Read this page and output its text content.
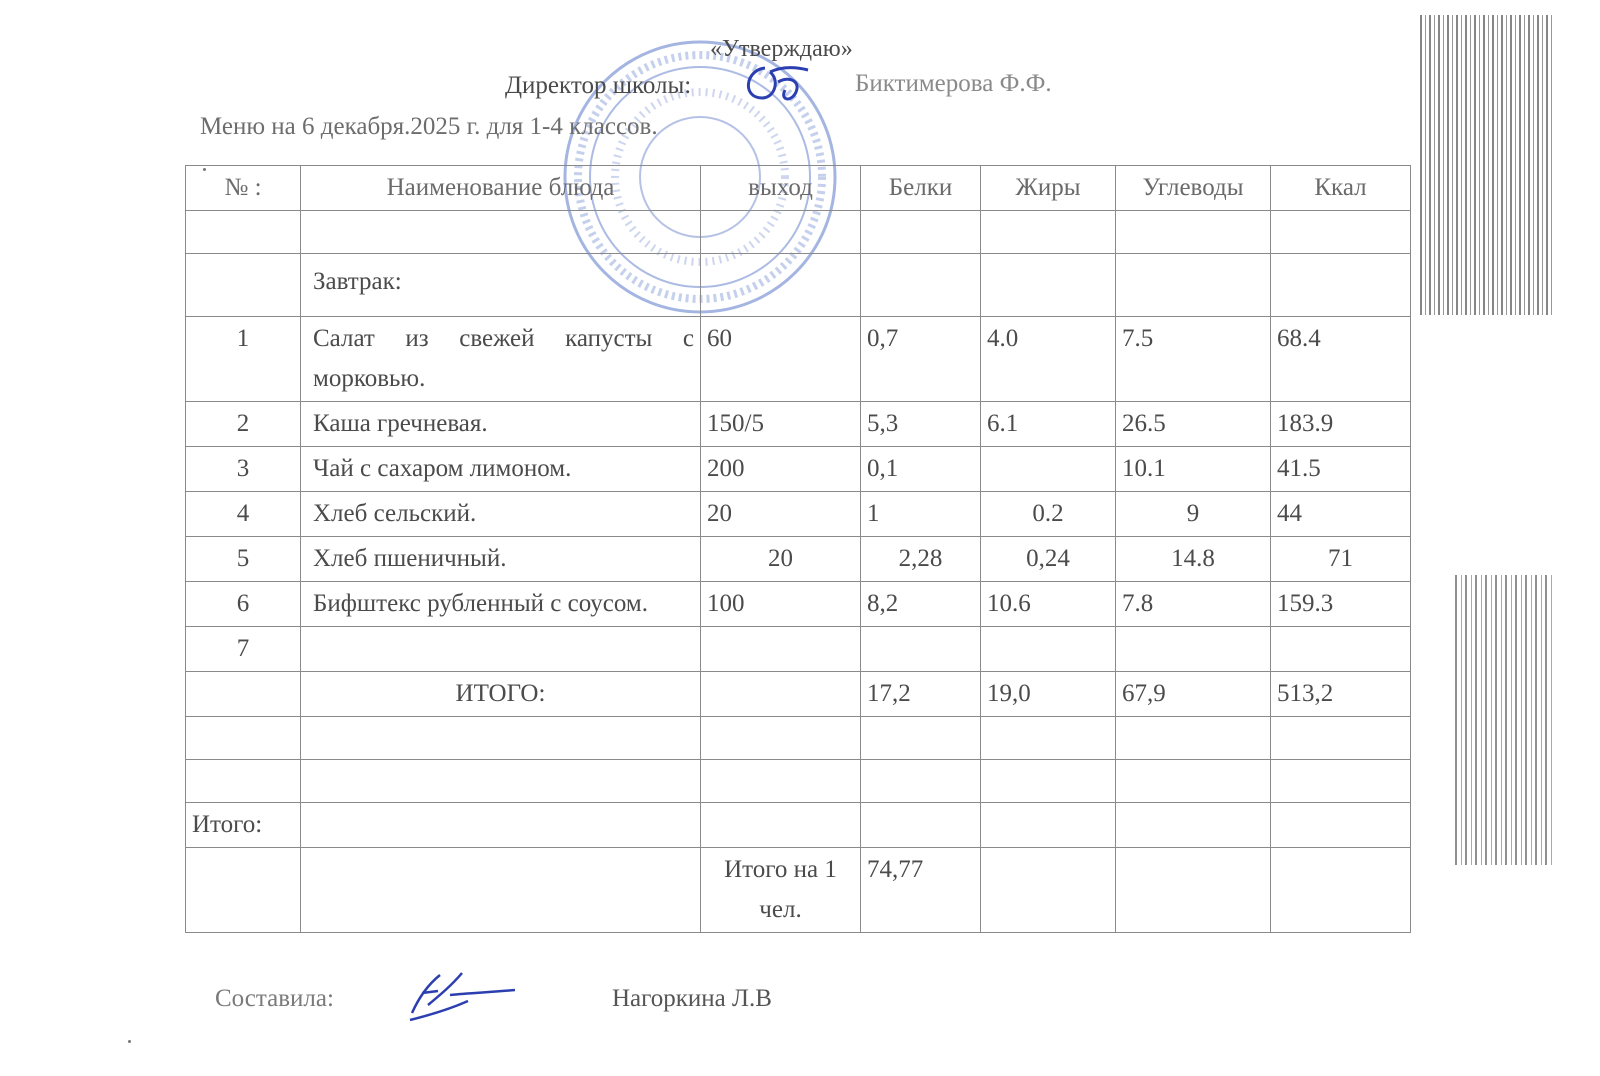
«Утверждаю»
Директор школы:	Биктимерова Ф.Ф.
Меню на 6 декабря.2025 г. для 1-4 классов.
№ :	Наименование блюда	выход	Белки	Жиры	Углеводы	Ккал

	Завтрак:					
1	Салат из свежей капусты с морковью.	60	0,7	4.0	7.5	68.4
2	Каша гречневая.	150/5	5,3	6.1	26.5	183.9
3	Чай с сахаром лимоном.	200	0,1		10.1	41.5
4	Хлеб сельский.	20	1	0.2	9	44
5	Хлеб пшеничный.	20	2,28	0,24	14.8	71
6	Бифштекс рубленный с соусом.	100	8,2	10.6	7.8	159.3
7						
	ИТОГО:		17,2	19,0	67,9	513,2

Итого:						
		Итого на 1 чел.	74,77			
Составила:	Нагоркина Л.В
